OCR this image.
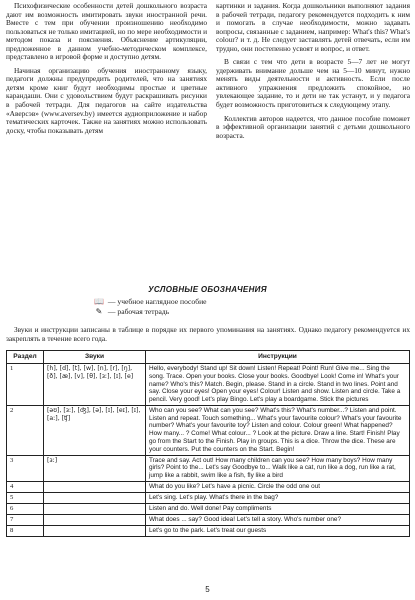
Психофизические особенности детей дошкольного возраста дают им возможность имитировать звуки иностранной речи. Вместе с тем при обучении произношению необходимо пользоваться не только имитацией, но по мере необходимости и методом показа и пояснения. Объяснение артикуляции, предложенное в данном учебно-методическом комплексе, представлено в игровой форме и доступно детям.

Начиная организацию обучения иностранному языку, педагоги должны предупредить родителей, что на занятиях детям кроме книг будут необходимы простые и цветные карандаши. Они с удовольствием будут раскрашивать рисунки в рабочей тетради. Для педагогов на сайте издательства «Аверсэв» (www.aversev.by) имеется аудиоприложение и набор тематических карточек. Также на занятиях можно использовать доску, чтобы показывать детям

картинки и задания. Когда дошкольники выполняют задания в рабочей тетради, педагогу рекомендуется подходить к ним и помогать в случае необходимости, можно задавать вопросы, связанные с заданием, например: What's this? What's colour? и т. д. Не следует заставлять детей отвечать, если им трудно, они постепенно усвоят и вопрос, и ответ.

В связи с тем что дети в возрасте 5—7 лет не могут удерживать внимание дольше чем на 5—10 минут, нужно менять виды деятельности и активность. Если после активного упражнения предложить спокойное, но увлекающее задание, то и дети не так устанут, и у педагога будет возможность приготовиться к следующему этапу.

Коллектив авторов надеется, что данное пособие поможет в эффективной организации занятий с детьми дошкольного возраста.

УСЛОВНЫЕ ОБОЗНАЧЕНИЯ
📖 — учебное наглядное пособие
✎ — рабочая тетрадь

Звуки и инструкции записаны в таблице в порядке их первого упоминания на занятиях. Однако педагогу рекомендуется их закреплять в течение всего года.

Раздел	Звуки	Инструкции
1	[h], [d], [t], [w], [n], [r], [ŋ], [ð], [æ], [v], [θ], [ɜː], [ɪ], [e]	Hello, everybody! Stand up! Sit down! Listen! Repeat! Point! Run! Give me... Sing the song. Trace. Open your books. Close your books. Goodbye! Look! Come in! What's your name? Who's this? Match. Begin, please. Stand in a circle. Stand in two lines. Point and say. Close your eyes! Open your eyes! Colour! Listen and show. Listen and circle. Take a pencil. Very good! Let's play Bingo. Let's play a boardgame. Stick the pictures
2	[əʊ], [ɜː], [ʤ], [ə], [ɪ], [eɪ], [ɪ], [aː], [ʧ]	Who can you see? What can you see? What's this? What's number...? Listen and point. Listen and repeat. Touch something... What's your favourite colour? What's your favourite number? What's your favourite toy? Listen and colour. Colour green! What happened? How many... ? Come! What colour... ? Look at the picture. Draw a line. Start! Finish! Play go from the Start to the Finish. Play in groups. This is a dice. Throw the dice. These are your counters. Put the counters on the Start. Begin!
3	[ɜː]	Trace and say. Act out! How many children can you see? How many boys? How many girls? Point to the... Let's say Goodbye to... Walk like a cat, run like a dog, run like a rat, jump like a rabbit, swim like a fish, fly like a bird
4		What do you like? Let's have a picnic. Circle the odd one out
5		Let's sing. Let's play. What's there in the bag?
6		Listen and do. Well done! Pay compliments
7		What does ... say? Good idea! Let's tell a story. Who's number one?
8		Let's go to the park. Let's treat our guests
5
